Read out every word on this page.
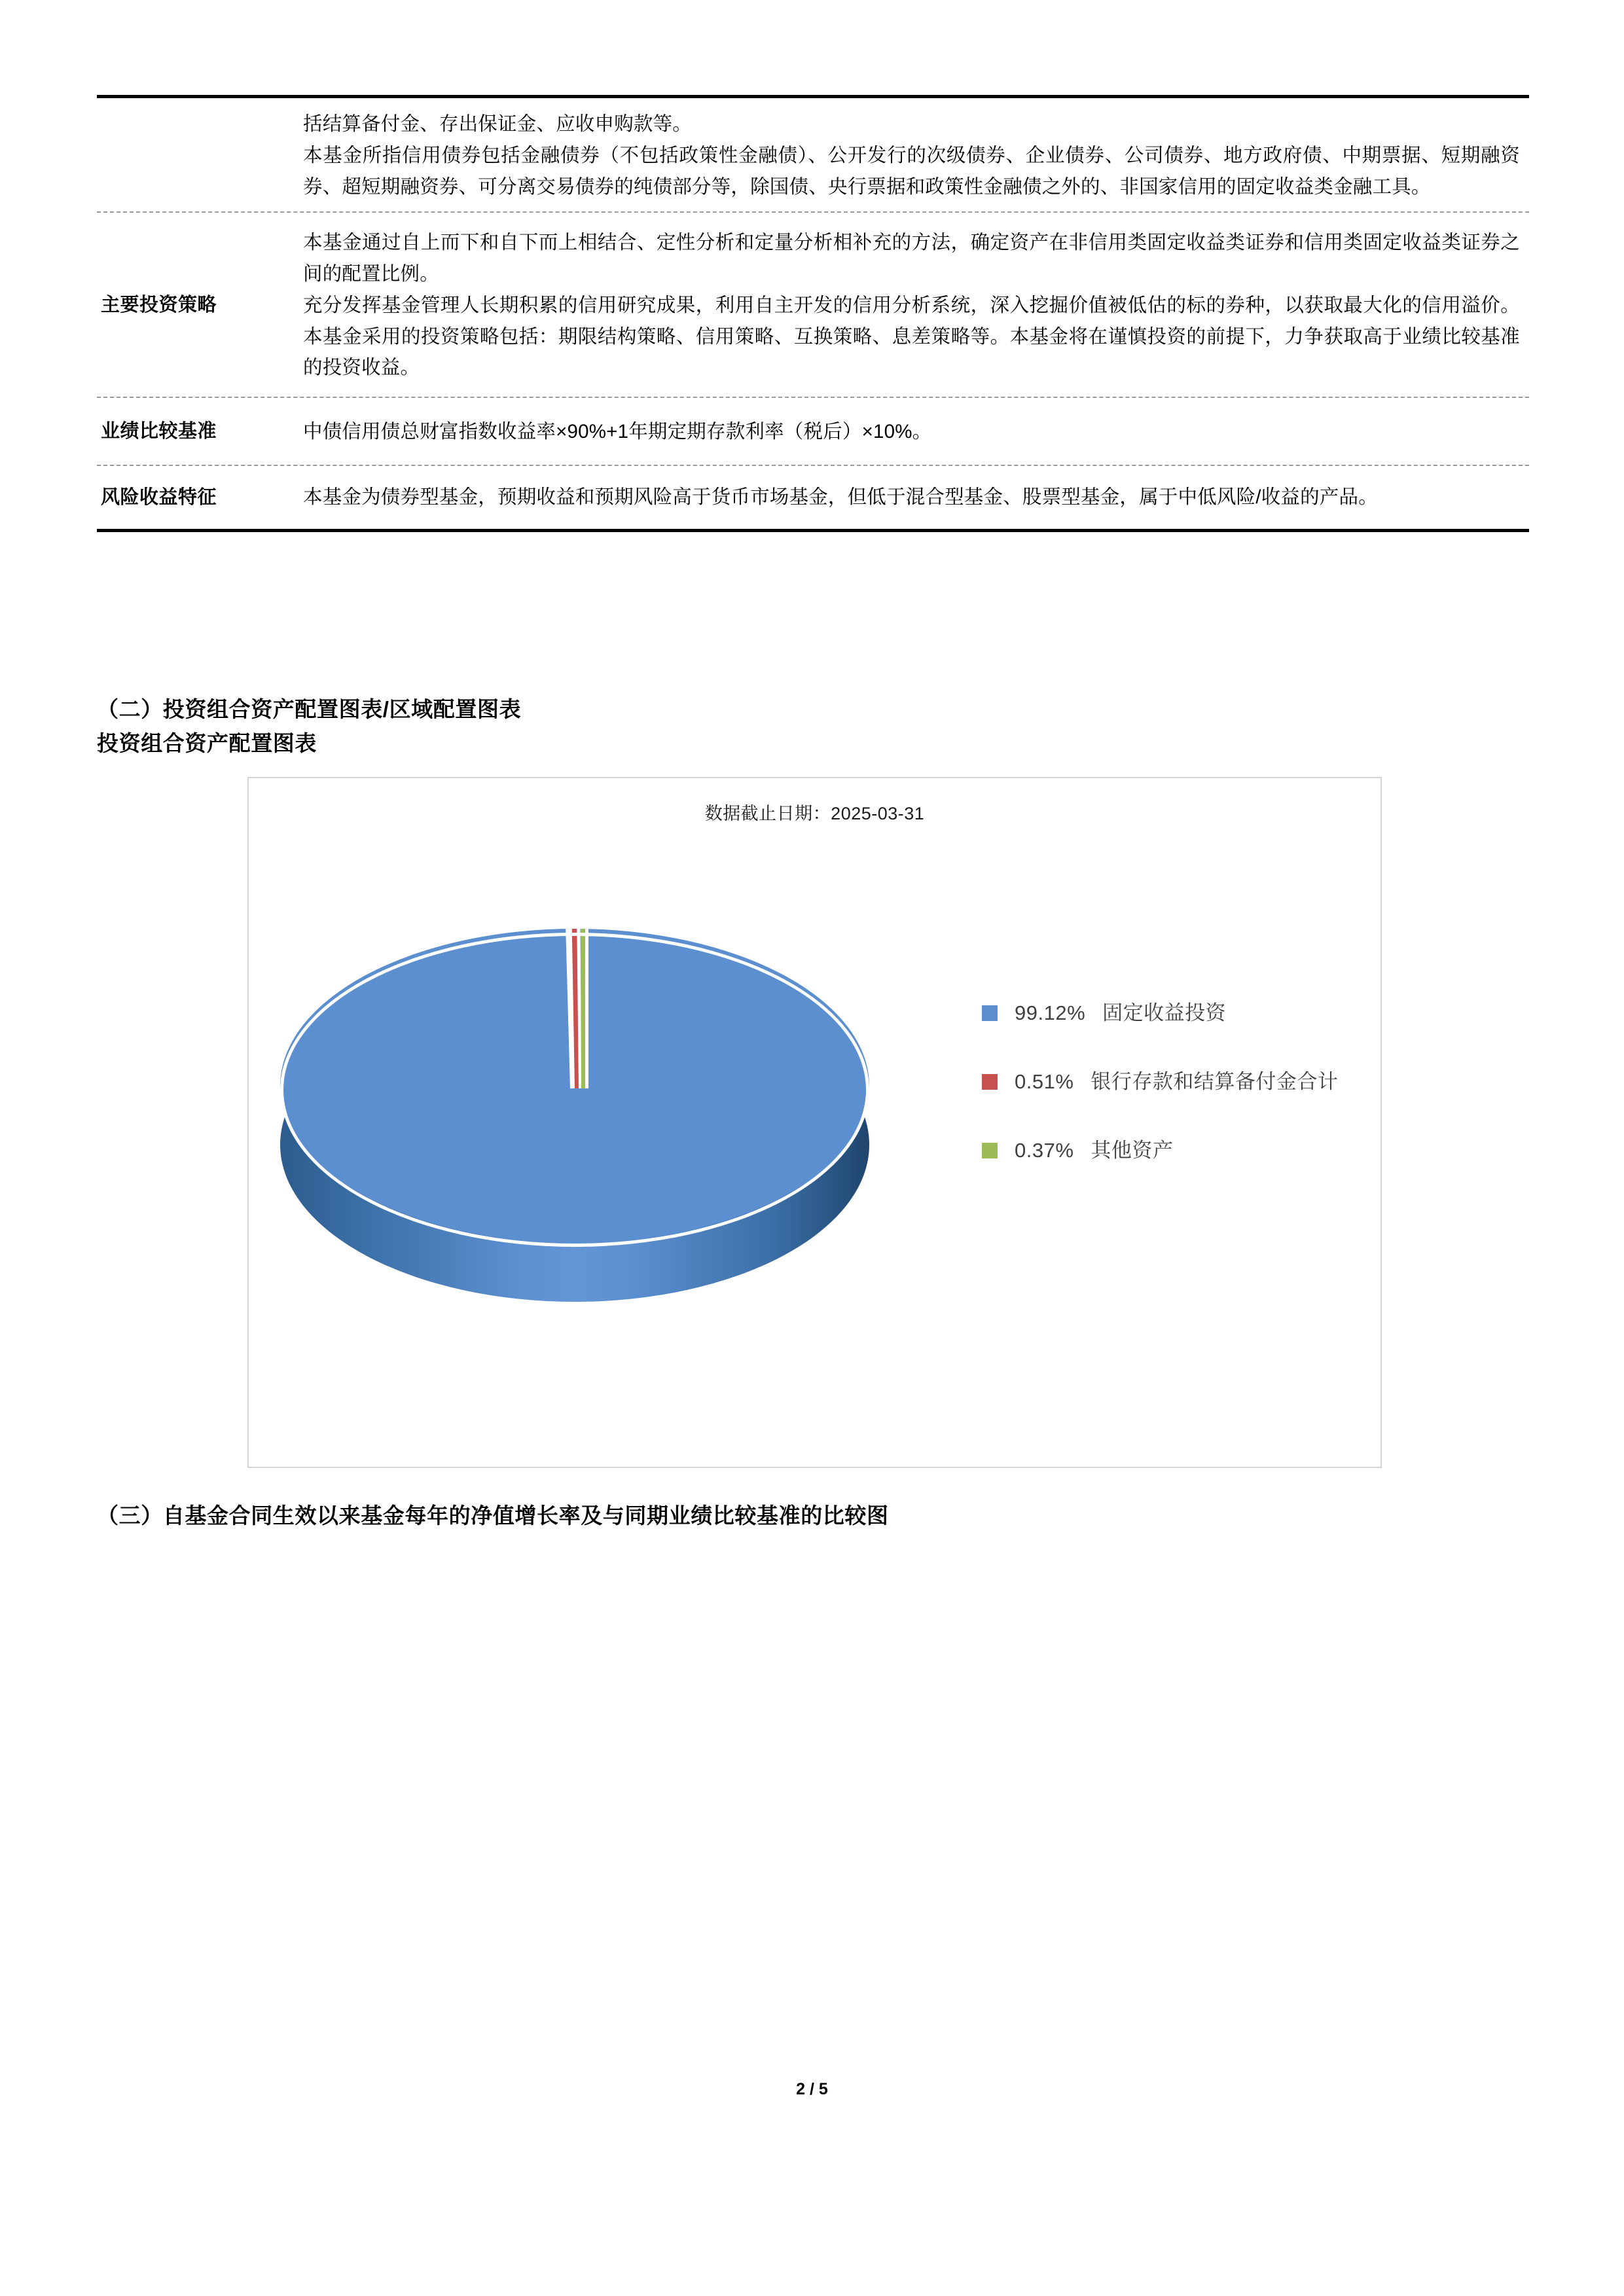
括结算备付金、存出保证金、应收申购款等。

本基金所指信用债券包括金融债券（不包括政策性金融债）、公开发行的次级债券、企业债券、公司债券、地方政府债、中期票据、短期融资券、超短期融资券、可分离交易债券的纯债部分等，除国债、央行票据和政策性金融债之外的、非国家信用的固定收益类金融工具。

主要投资策略

本基金通过自上而下和自下而上相结合、定性分析和定量分析相补充的方法，确定资产在非信用类固定收益类证券和信用类固定收益类证券之间的配置比例。

充分发挥基金管理人长期积累的信用研究成果，利用自主开发的信用分析系统，深入挖掘价值被低估的标的券种，以获取最大化的信用溢价。本基金采用的投资策略包括：期限结构策略、信用策略、互换策略、息差策略等。本基金将在谨慎投资的前提下，力争获取高于业绩比较基准的投资收益。

业绩比较基准	中债信用债总财富指数收益率×90%+1年期定期存款利率（税后）×10%。

风险收益特征	本基金为债券型基金，预期收益和预期风险高于货币市场基金，但低于混合型基金、股票型基金，属于中低风险/收益的产品。

（二）投资组合资产配置图表/区域配置图表
投资组合资产配置图表
数据截止日期：2025-03-31
99.12% 固定收益投资
0.51% 银行存款和结算备付金合计
0.37% 其他资产
（三）自基金合同生效以来基金每年的净值增长率及与同期业绩比较基准的比较图
2 / 5
